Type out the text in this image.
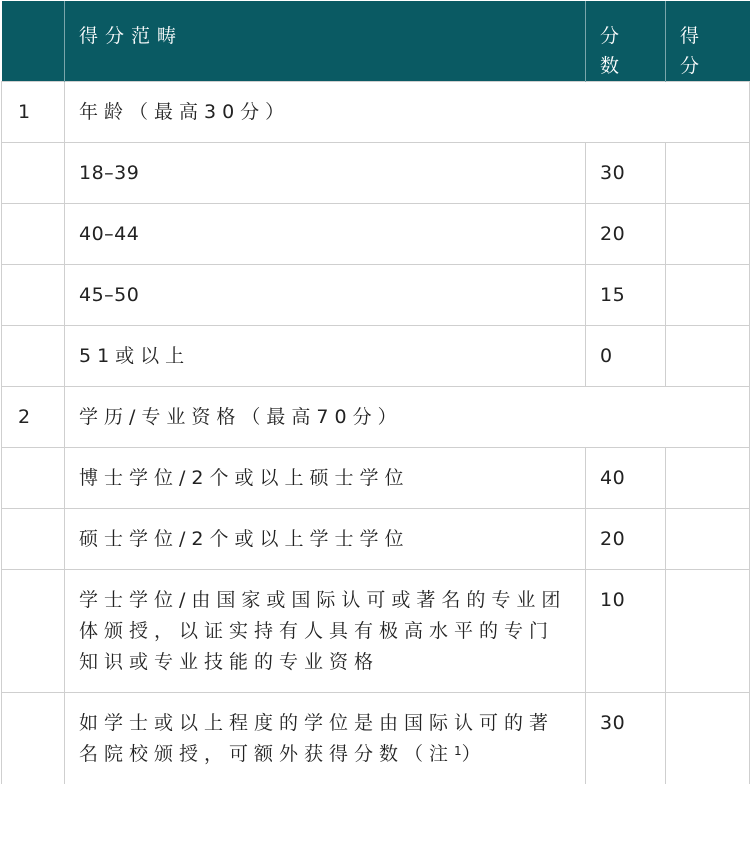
	得分范畴	分数	得分

1	年龄（最高30分）		
	18–39	30	
	40–44	20	
	45–50	15	
	51或以上	0	
2	学历/专业资格（最高70分）		
	博士学位/2个或以上硕士学位	40	
	硕士学位/2个或以上学士学位	20	
	学士学位/由国家或国际认可或著名的专业团体颁授，以证实持有人具有极高水平的专门知识或专业技能的专业资格	10	
	如学士或以上程度的学位是由国际认可的著名院校颁授，可额外获得分数（注$^1$）	30	
